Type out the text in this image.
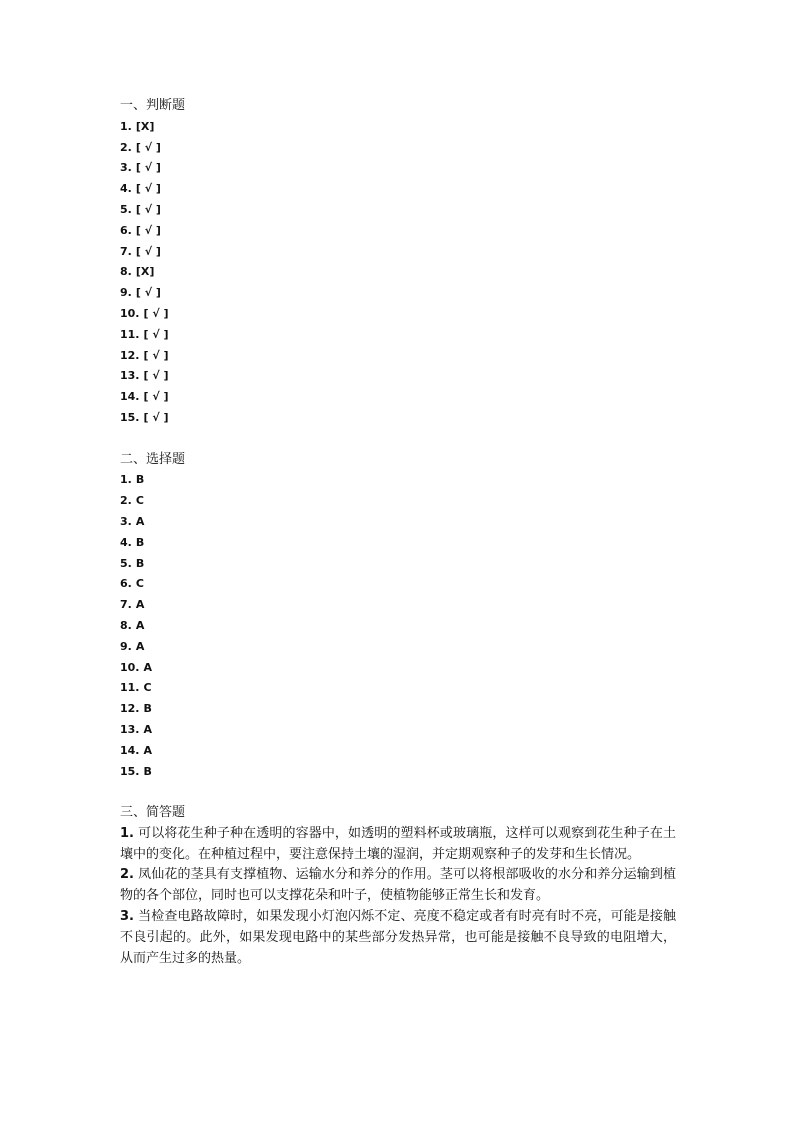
一、判断题
1. [X]
2. [ √ ]
3. [ √ ]
4. [ √ ]
5. [ √ ]
6. [ √ ]
7. [ √ ]
8. [X]
9. [ √ ]
10. [ √ ]
11. [ √ ]
12. [ √ ]
13. [ √ ]
14. [ √ ]
15. [ √ ]
二、选择题
1. B
2. C
3. A
4. B
5. B
6. C
7. A
8. A
9. A
10. A
11. C
12. B
13. A
14. A
15. B
三、简答题

1. 可以将花生种子种在透明的容器中，如透明的塑料杯或玻璃瓶，这样可以观察到花生种子在土壤中的变化。在种植过程中，要注意保持土壤的湿润，并定期观察种子的发芽和生长情况。

2. 凤仙花的茎具有支撑植物、运输水分和养分的作用。茎可以将根部吸收的水分和养分运输到植物的各个部位，同时也可以支撑花朵和叶子，使植物能够正常生长和发育。

3. 当检查电路故障时，如果发现小灯泡闪烁不定、亮度不稳定或者有时亮有时不亮，可能是接触不良引起的。此外，如果发现电路中的某些部分发热异常，也可能是接触不良导致的电阻增大，从而产生过多的热量。
